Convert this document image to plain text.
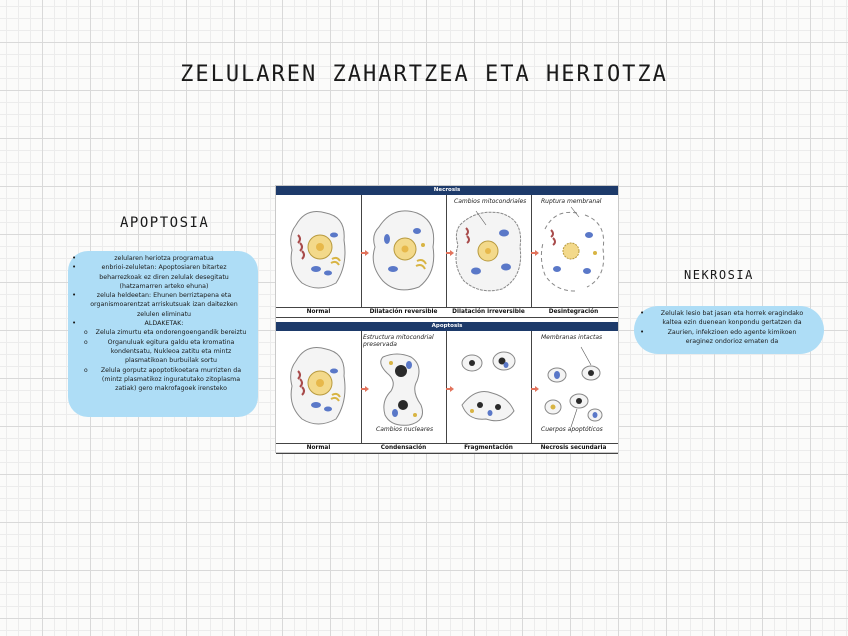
ZELULAREN ZAHARTZEA ETA HERIOTZA
APOPTOSIA
• zelularen heriotza programatua
• enbrioi-zeluletan: Apoptosiaren bitartez beharrezkoak ez diren zelulak desegitatu (hatzamarren arteko ehuna)
• zelula heldeetan: Ehunen berriztapena eta organismoarentzat arriskutsuak izan daitezken zelulen eliminatu
• ALDAKETAK:
o Zelula zimurtu eta ondorengoengandik bereiztu
o Organuluak egitura galdu eta kromatina kondentsatu, Nukleoa zatitu eta mintz plasmatikoan burbuilak sortu
o Zelula gorputz apoptotikoetara murrizten da (mintz plasmatikoz inguratutako zitoplasma zatiak) gero makrofagoek irensteko
NEKROSIA
• Zelulak lesio bat jasan eta horrek eragindako kaltea ezin duenean konpondu gertatzen da
• Zaurien, infekzioen edo agente kimikoen eraginez ondorioz ematen da
Necrosis
Cambios mitocondriales Ruptura membranal
Normal	Dilatación reversible	Dilatación irreversible	Desintegración
Apoptosis
Estructura mitocondrial preservada
Cambios nucleares
Membranas intactas
Cuerpos apoptóticos
Normal	Condensación	Fragmentación	Necrosis secundaria
